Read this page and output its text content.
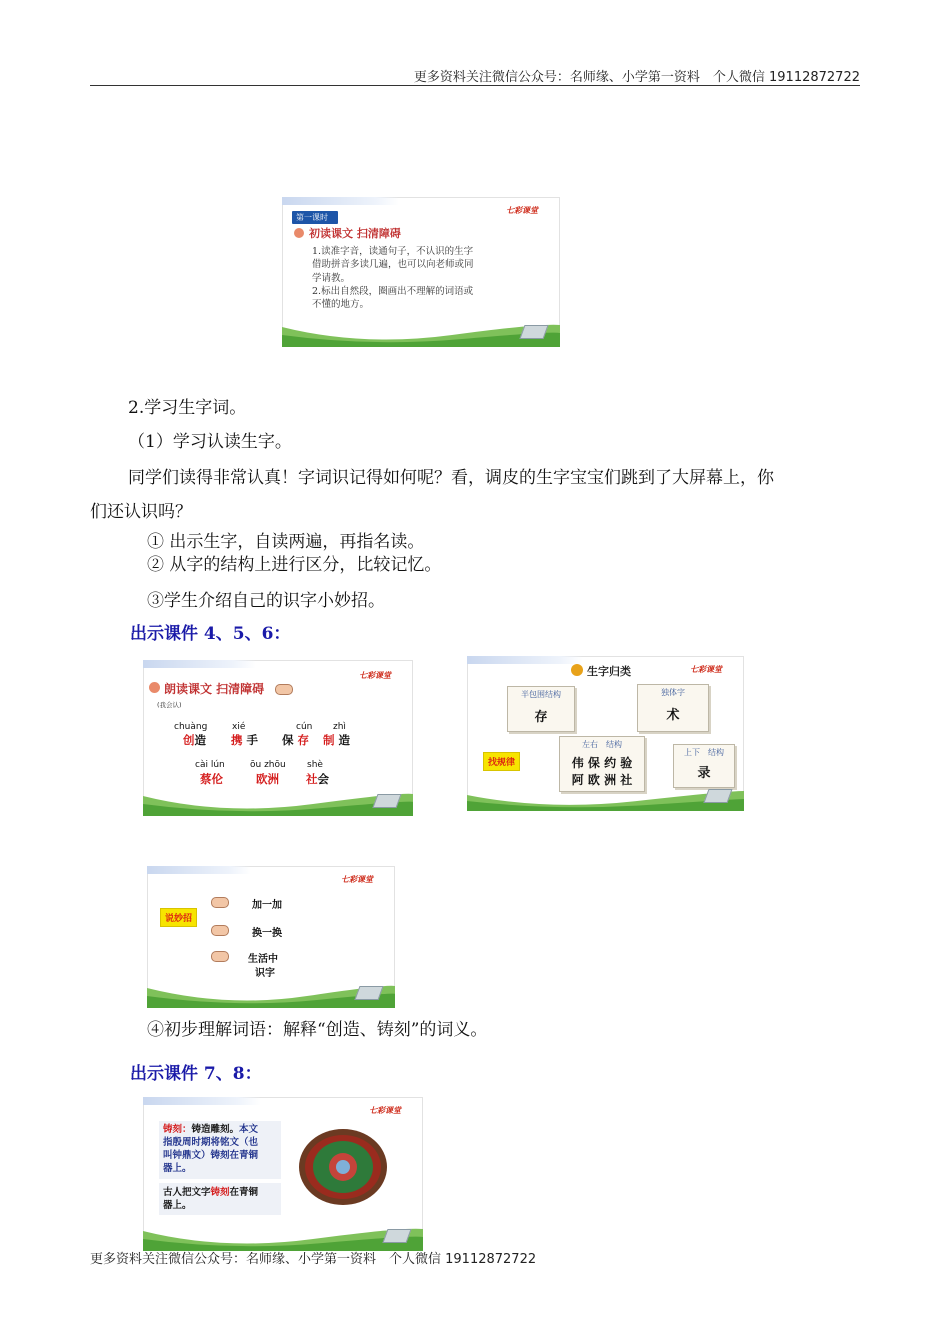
更多资料关注微信公众号：名师缘、小学第一资料　个人微信 19112872722
七彩课堂
第一课时
初读课文 扫清障碍
1.读准字音，读通句子，不认识的生字
借助拼音多读几遍，也可以向老师或同
学请教。
2.标出自然段，圈画出不理解的词语或
不懂的地方。
2.学习生字词。
（1）学习认读生字。
同学们读得非常认真！字词识记得如何呢？看，调皮的生字宝宝们跳到了大屏幕上，你
们还认识吗？
① 出示生字，自读两遍，再指名读。
② 从字的结构上进行区分，比较记忆。
③学生介绍自己的识字小妙招。
出示课件 4、5、6：
七彩课堂
朗读课文 扫清障碍
(我会认)
chuàng
创造
xié
携 手
cún
保 存
zhì
制 造
cài lún
蔡伦
ōu zhōu
欧洲
shè
社会
七彩课堂
生字归类
半包围结构
存
独体字
术
找规律
左右　结构
伟 保 约 验
阿 欧 洲 社
上下　结构
录
七彩课堂
说妙招
加一加
换一换
生活中
识字
④初步理解词语：解释“创造、铸刻”的词义。
出示课件 7、8：
七彩课堂
铸刻：铸造雕刻。本文
指殷周时期将铭文（也
叫钟鼎文）铸刻在青铜
器上。
古人把文字铸刻在青铜
器上。
更多资料关注微信公众号：名师缘、小学第一资料　个人微信 19112872722
